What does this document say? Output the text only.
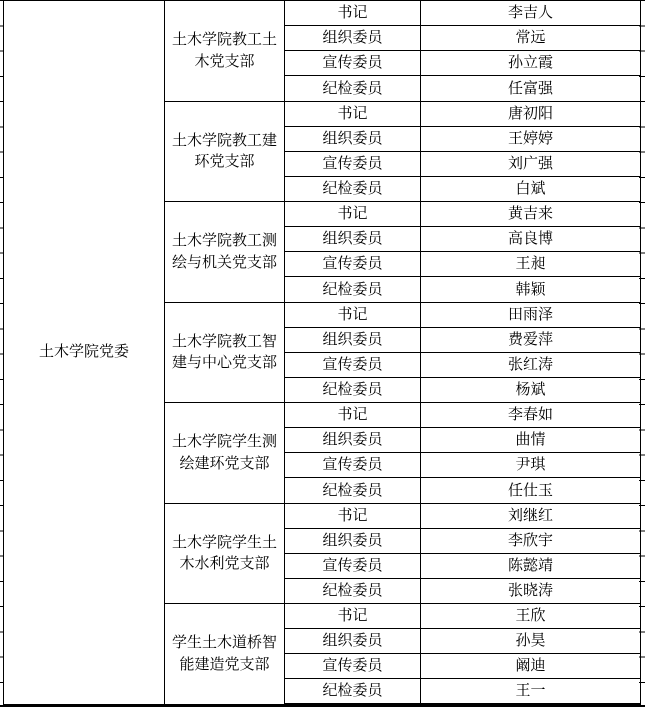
土木学院党委	土木学院教工土木党支部	书记	李吉人
		组织委员	常远
		宣传委员	孙立霞
		纪检委员	任富强
	土木学院教工建环党支部	书记	唐初阳
		组织委员	王婷婷
		宣传委员	刘广强
		纪检委员	白斌
	土木学院教工测绘与机关党支部	书记	黄吉来
		组织委员	高良博
		宣传委员	王昶
		纪检委员	韩颖
	土木学院教工智建与中心党支部	书记	田雨泽
		组织委员	费爱萍
		宣传委员	张红涛
		纪检委员	杨斌
	土木学院学生测绘建环党支部	书记	李春如
		组织委员	曲情
		宣传委员	尹琪
		纪检委员	任仕玉
	土木学院学生土木水利党支部	书记	刘继红
		组织委员	李欣宇
		宣传委员	陈懿靖
		纪检委员	张晓涛
	学生土木道桥智能建造党支部	书记	王欣
		组织委员	孙昊
		宣传委员	阚迪
		纪检委员	王一
